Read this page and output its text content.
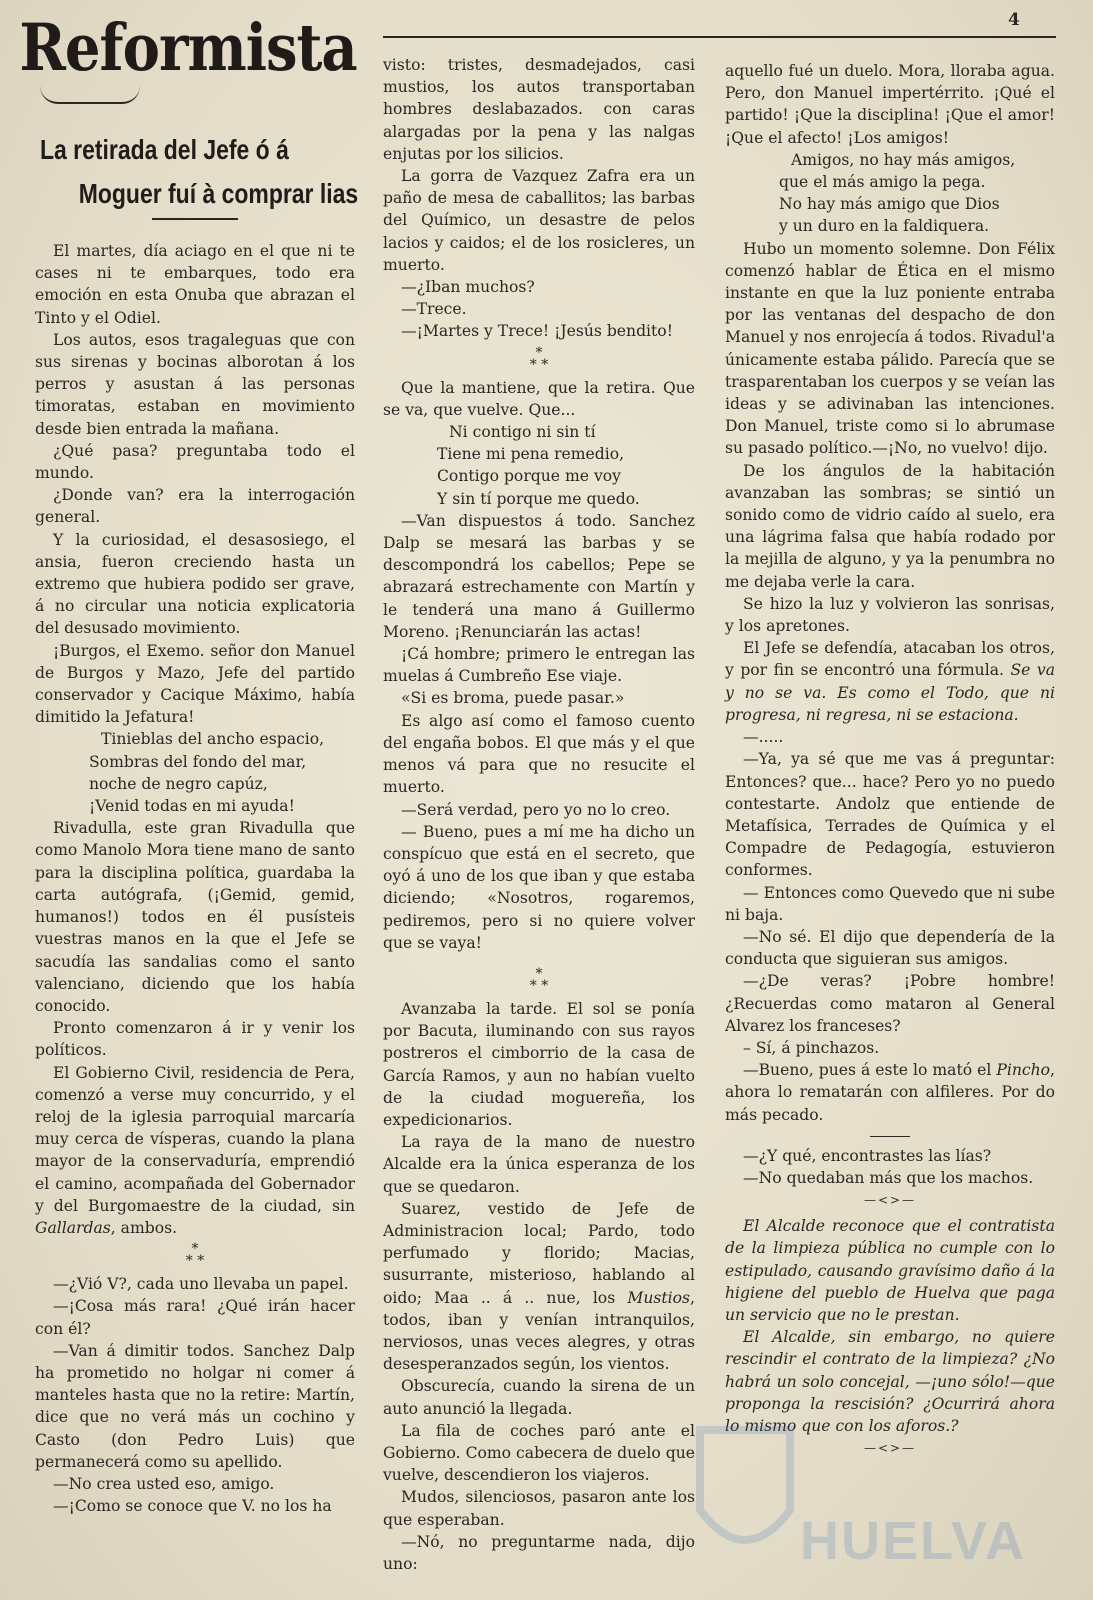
Reformista	4
La retirada del Jefe ó á
Moguer fuí à comprar lias

El martes, día aciago en el que ni te cases ni te embarques, todo era emoción en esta Onuba que abrazan el Tinto y el Odiel.

Los autos, esos tragaleguas que con sus sirenas y bocinas alborotan á los perros y asustan á las personas timoratas, estaban en movimiento desde bien entrada la mañana.

¿Qué pasa? preguntaba todo el mundo.

¿Donde van? era la interrogación general.

Y la curiosidad, el desasosiego, el ansia, fueron creciendo hasta un extremo que hubiera podido ser grave, á no circular una noticia explicatoria del desusado movimiento.

¡Burgos, el Exemo. señor don Manuel de Burgos y Mazo, Jefe del partido conservador y Cacique Máximo, había dimitido la Jefatura!

Tinieblas del ancho espacio,

Sombras del fondo del mar,

noche de negro capúz,

¡Venid todas en mi ayuda!

Rivadulla, este gran Rivadulla que como Manolo Mora tiene mano de santo para la disciplina política, guardaba la carta autógrafa, (¡Gemid, gemid, humanos!) todos en él pusísteis vuestras manos en la que el Jefe se sacudía las sandalias como el santo valenciano, diciendo que los había conocido.

Pronto comenzaron á ir y venir los políticos.

El Gobierno Civil, residencia de Pera, comenzó a verse muy concurrido, y el reloj de la iglesia parroquial marcaría muy cerca de vísperas, cuando la plana mayor de la conservaduría, emprendió el camino, acompañada del Gobernador y del Burgomaestre de la ciudad, sin Gallardas, ambos.

*
* *

—¿Vió V?, cada uno llevaba un papel.

—¡Cosa más rara! ¿Qué irán hacer con él?

—Van á dimitir todos. Sanchez Dalp ha prometido no holgar ni comer á manteles hasta que no la retire: Martín, dice que no verá más un cochino y Casto (don Pedro Luis) que permanecerá como su apellido.

—No crea usted eso, amigo.

—¡Como se conoce que V. no los ha

visto: tristes, desmadejados, casi mustios, los autos transportaban hombres deslabazados. con caras alargadas por la pena y las nalgas enjutas por los silicios.

La gorra de Vazquez Zafra era un paño de mesa de caballitos; las barbas del Químico, un desastre de pelos lacios y caidos; el de los rosicleres, un muerto.

—¿Iban muchos?

—Trece.

—¡Martes y Trece! ¡Jesús bendito!

*
* *

Que la mantiene, que la retira. Que se va, que vuelve. Que...

Ni contigo ni sin tí

Tiene mi pena remedio,

Contigo porque me voy

Y sin tí porque me quedo.

—Van dispuestos á todo. Sanchez Dalp se mesará las barbas y se descompondrá los cabellos; Pepe se abrazará estrechamente con Martín y le tenderá una mano á Guillermo Moreno. ¡Renunciarán las actas!

¡Cá hombre; primero le entregan las muelas á Cumbreño Ese viaje.

«Si es broma, puede pasar.»

Es algo así como el famoso cuento del engaña bobos. El que más y el que menos vá para que no resucite el muerto.

—Será verdad, pero yo no lo creo.

— Bueno, pues a mí me ha dicho un conspícuo que está en el secreto, que oyó á uno de los que iban y que estaba diciendo; «Nosotros, rogaremos, pediremos, pero si no quiere volver que se vaya!

*
* *

Avanzaba la tarde. El sol se ponía por Bacuta, iluminando con sus rayos postreros el cimborrio de la casa de García Ramos, y aun no habían vuelto de la ciudad moguereña, los expedicionarios.

La raya de la mano de nuestro Alcalde era la única esperanza de los que se quedaron.

Suarez, vestido de Jefe de Administracion local; Pardo, todo perfumado y florido; Macias, susurrante, misterioso, hablando al oido; Maa .. á .. nue, los Mustios, todos, iban y venían intranquilos, nerviosos, unas veces alegres, y otras desesperanzados según, los vientos.

Obscurecía, cuando la sirena de un auto anunció la llegada.

La fila de coches paró ante el Gobierno. Como cabecera de duelo que vuelve, descendieron los viajeros.

Mudos, silenciosos, pasaron ante los que esperaban.

—Nó, no preguntarme nada, dijo uno:

aquello fué un duelo. Mora, lloraba agua. Pero, don Manuel impertérrito. ¡Qué el partido! ¡Que la disciplina! ¡Que el amor! ¡Que el afecto! ¡Los amigos!

Amigos, no hay más amigos,

que el más amigo la pega.

No hay más amigo que Dios

y un duro en la faldiquera.

Hubo un momento solemne. Don Félix comenzó hablar de Ética en el mismo instante en que la luz poniente entraba por las ventanas del despacho de don Manuel y nos enrojecía á todos. Rivadul'a únicamente estaba pálido. Parecía que se trasparentaban los cuerpos y se veían las ideas y se adivinaban las intenciones. Don Manuel, triste como si lo abrumase su pasado político.—¡No, no vuelvo! dijo.

De los ángulos de la habitación avanzaban las sombras; se sintió un sonido como de vidrio caído al suelo, era una lágrima falsa que había rodado por la mejilla de alguno, y ya la penumbra no me dejaba verle la cara.

Se hizo la luz y volvieron las sonrisas, y los apretones.

El Jefe se defendía, atacaban los otros, y por fin se encontró una fórmula. Se va y no se va. Es como el Todo, que ni progresa, ni regresa, ni se estaciona.

—.....

—Ya, ya sé que me vas á preguntar: Entonces? que... hace? Pero yo no puedo contestarte. Andolz que entiende de Metafísica, Terrades de Química y el Compadre de Pedagogía, estuvieron conformes.

— Entonces como Quevedo que ni sube ni baja.

—No sé. El dijo que dependería de la conducta que siguieran sus amigos.

—¿De veras? ¡Pobre hombre! ¿Recuerdas como mataron al General Alvarez los franceses?

– Sí, á pinchazos.

—Bueno, pues á este lo mató el Pincho, ahora lo rematarán con alfileres. Por do más pecado.

—¿Y qué, encontrastes las lías?

—No quedaban más que los machos.

—<>—

El Alcalde reconoce que el contratista de la limpieza pública no cumple con lo estipulado, causando gravísimo daño á la higiene del pueblo de Huelva que paga un servicio que no le prestan.

El Alcalde, sin embargo, no quiere rescindir el contrato de la limpieza? ¿No habrá un solo concejal, —¡uno sólo!—que proponga la rescisión? ¿Ocurrirá ahora lo mismo que con los aforos.?

—<>—
HUELVA
